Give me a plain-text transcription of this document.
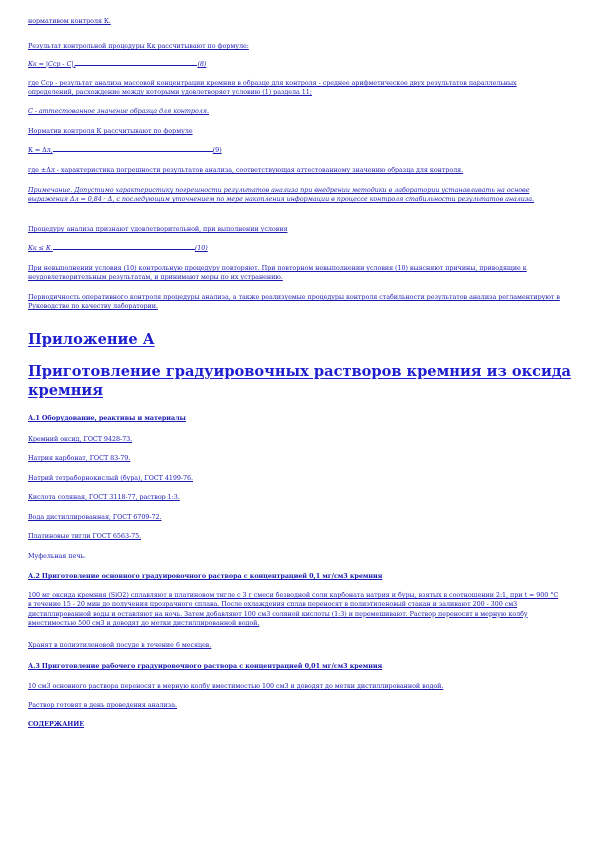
нормативом контроля К.
Результат контрольной процедуры Кк рассчитывают по формуле:
Кк = |Сср - С|,	(8)
где Сср - результат анализа массовой концентрации кремния в образце для контроля - среднее арифметическое двух результатов параллельных определений, расхождение между которыми удовлетворяет условию (1) раздела 11;
С - аттестованное значение образца для контроля.
Норматив контроля К рассчитывают по формуле
К = Δл,	(9)
где ±Δл - характеристика погрешности результатов анализа, соответствующая аттестованному значению образца для контроля.
Примечание. Допустимо характеристику погрешности результатов анализа при внедрении методики в лаборатории устанавливать на основе выражения Δл = 0,84 · Δ, с последующим уточнением по мере накопления информации в процессе контроля стабильности результатов анализа.
Процедуру анализа признают удовлетворительной, при выполнении условия
Кк ≤ К.	(10)
При невыполнении условия (10) контрольную процедуру повторяют. При повторном невыполнении условия (10) выясняют причины, приводящие к неудовлетворительным результатам, и принимают меры по их устранению.
Периодичность оперативного контроля процедуры анализа, а также реализуемые процедуры контроля стабильности результатов анализа регламентируют в Руководстве по качеству лаборатории.
Приложение А
Приготовление градуировочных растворов кремния из оксида кремния
А.1 Оборудование, реактивы и материалы
Кремний оксид, ГОСТ 9428-73.
Натрия карбонат, ГОСТ 83-79.
Натрий тетраборнокислый (бура), ГОСТ 4199-76.
Кислота соляная, ГОСТ 3118-77, раствор 1:3.
Вода дистиллированная, ГОСТ 6709-72.
Платиновые тигли ГОСТ 6563-75.
Муфельная печь.
А.2 Приготовление основного градуировочного раствора с концентрацией 0,1 мг/см3 кремния
100 мг оксида кремния (SiO2) сплавляют в платиновом тигле с 3 г смеси безводной соли карбоната натрия и буры, взятых в соотношении 2:1, при t = 900 °С в течение 15 - 20 мин до получения прозрачного сплава. После охлаждения сплав переносят в полиэтиленовый стакан и заливают 200 - 300 см3 дистиллированной воды и оставляют на ночь. Затем добавляют 100 см3 соляной кислоты (1:3) и перемешивают. Раствор переносят в мерную колбу вместимостью 500 см3 и доводят до метки дистиллированной водой.
Хранят в полиэтиленовой посуде в течение 6 месяцев.
А.3 Приготовление рабочего градуировочного раствора с концентрацией 0,01 мг/см3 кремния
10 см3 основного раствора переносят в мерную колбу вместимостью 100 см3 и доводят до метки дистиллированной водой.
Раствор готовят в день проведения анализа.
СОДЕРЖАНИЕ
